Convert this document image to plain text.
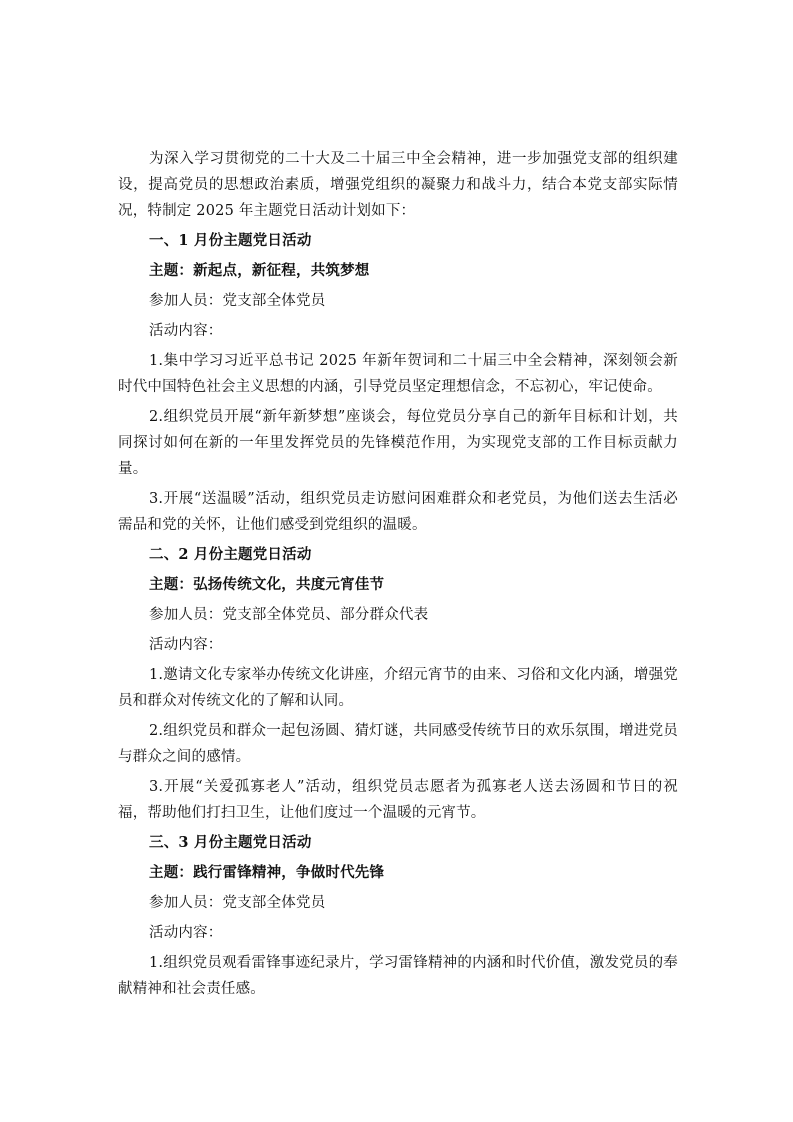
为深入学习贯彻党的二十大及二十届三中全会精神，进一步加强党支部的组织建设，提高党员的思想政治素质，增强党组织的凝聚力和战斗力，结合本党支部实际情况，特制定 2025 年主题党日活动计划如下：

一、1 月份主题党日活动

主题：新起点，新征程，共筑梦想

参加人员：党支部全体党员

活动内容：

1.集中学习习近平总书记 2025 年新年贺词和二十届三中全会精神，深刻领会新时代中国特色社会主义思想的内涵，引导党员坚定理想信念，不忘初心，牢记使命。

2.组织党员开展“新年新梦想”座谈会，每位党员分享自己的新年目标和计划，共同探讨如何在新的一年里发挥党员的先锋模范作用，为实现党支部的工作目标贡献力量。

3.开展“送温暖”活动，组织党员走访慰问困难群众和老党员，为他们送去生活必需品和党的关怀，让他们感受到党组织的温暖。

二、2 月份主题党日活动

主题：弘扬传统文化，共度元宵佳节

参加人员：党支部全体党员、部分群众代表

活动内容：

1.邀请文化专家举办传统文化讲座，介绍元宵节的由来、习俗和文化内涵，增强党员和群众对传统文化的了解和认同。

2.组织党员和群众一起包汤圆、猜灯谜，共同感受传统节日的欢乐氛围，增进党员与群众之间的感情。

3.开展“关爱孤寡老人”活动，组织党员志愿者为孤寡老人送去汤圆和节日的祝福，帮助他们打扫卫生，让他们度过一个温暖的元宵节。

三、3 月份主题党日活动

主题：践行雷锋精神，争做时代先锋

参加人员：党支部全体党员

活动内容：

1.组织党员观看雷锋事迹纪录片，学习雷锋精神的内涵和时代价值，激发党员的奉献精神和社会责任感。
